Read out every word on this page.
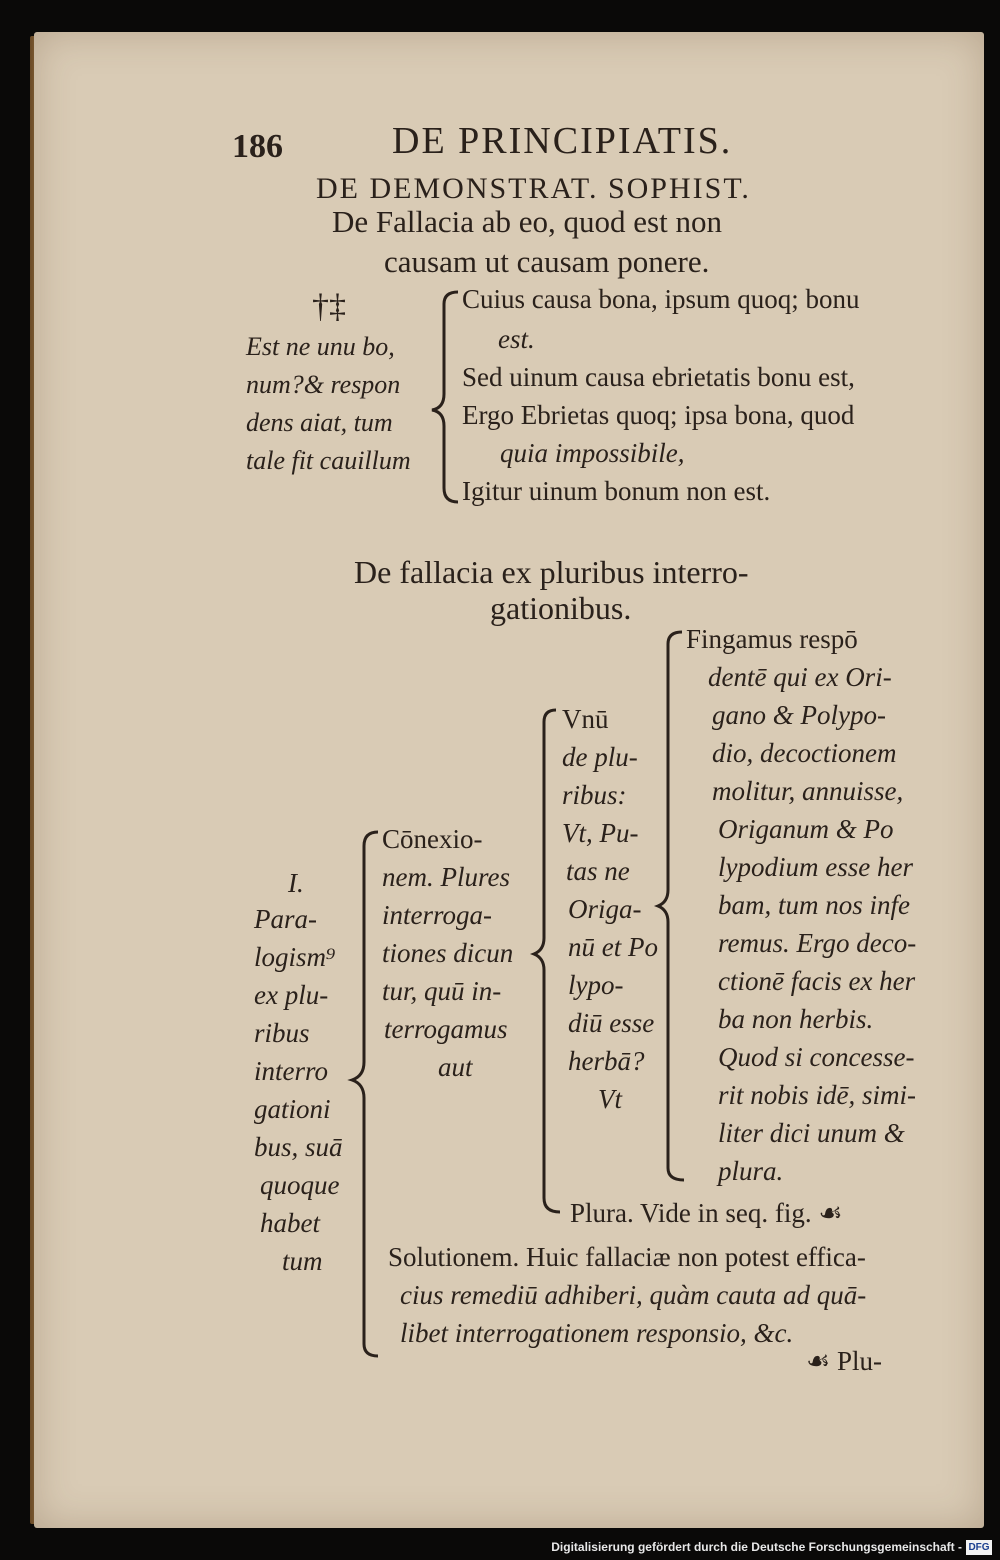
186	DE PRINCIPIATIS.
DE DEMONSTRAT. SOPHIST.
De Fallacia ab eo, quod est non
causam ut causam ponere.
†‡
Est ne unu bo,
num?& respon
dens aiat, tum
tale fit cauillum
Cuius causa bona, ipsum quoq; bonu
est.
Sed uinum causa ebrietatis bonu est,
Ergo Ebrietas quoq; ipsa bona, quod
quia impossibile,
Igitur uinum bonum non est.
De fallacia ex pluribus interro-
gationibus.
I.
Para-
logism⁹
ex plu-
ribus
interro
gationi
bus, suā
quoque
habet
tum
Cōnexio-
nem. Plures
interroga-
tiones dicun
tur, quū in-
terrogamus
aut
Vnū
de plu-
ribus:
Vt, Pu-
tas ne
Origa-
nū et Po
lypo-
diū esse
herbā?
Vt
Fingamus respō
dentē qui ex Ori-
gano & Polypo-
dio, decoctionem
molitur, annuisse,
Origanum & Po
lypodium esse her
bam, tum nos infe
remus. Ergo deco-
ctionē facis ex her
ba non herbis.
Quod si concesse-
rit nobis idē, simi-
liter dici unum &
plura.
Plura. Vide in seq. fig. ☙
Solutionem. Huic fallaciæ non potest effica-
cius remediū adhiberi, quàm cauta ad quā-
libet interrogationem responsio, &c.
☙ Plu-
Digitalisierung gefördert durch die Deutsche Forschungsgemeinschaft - DFG
